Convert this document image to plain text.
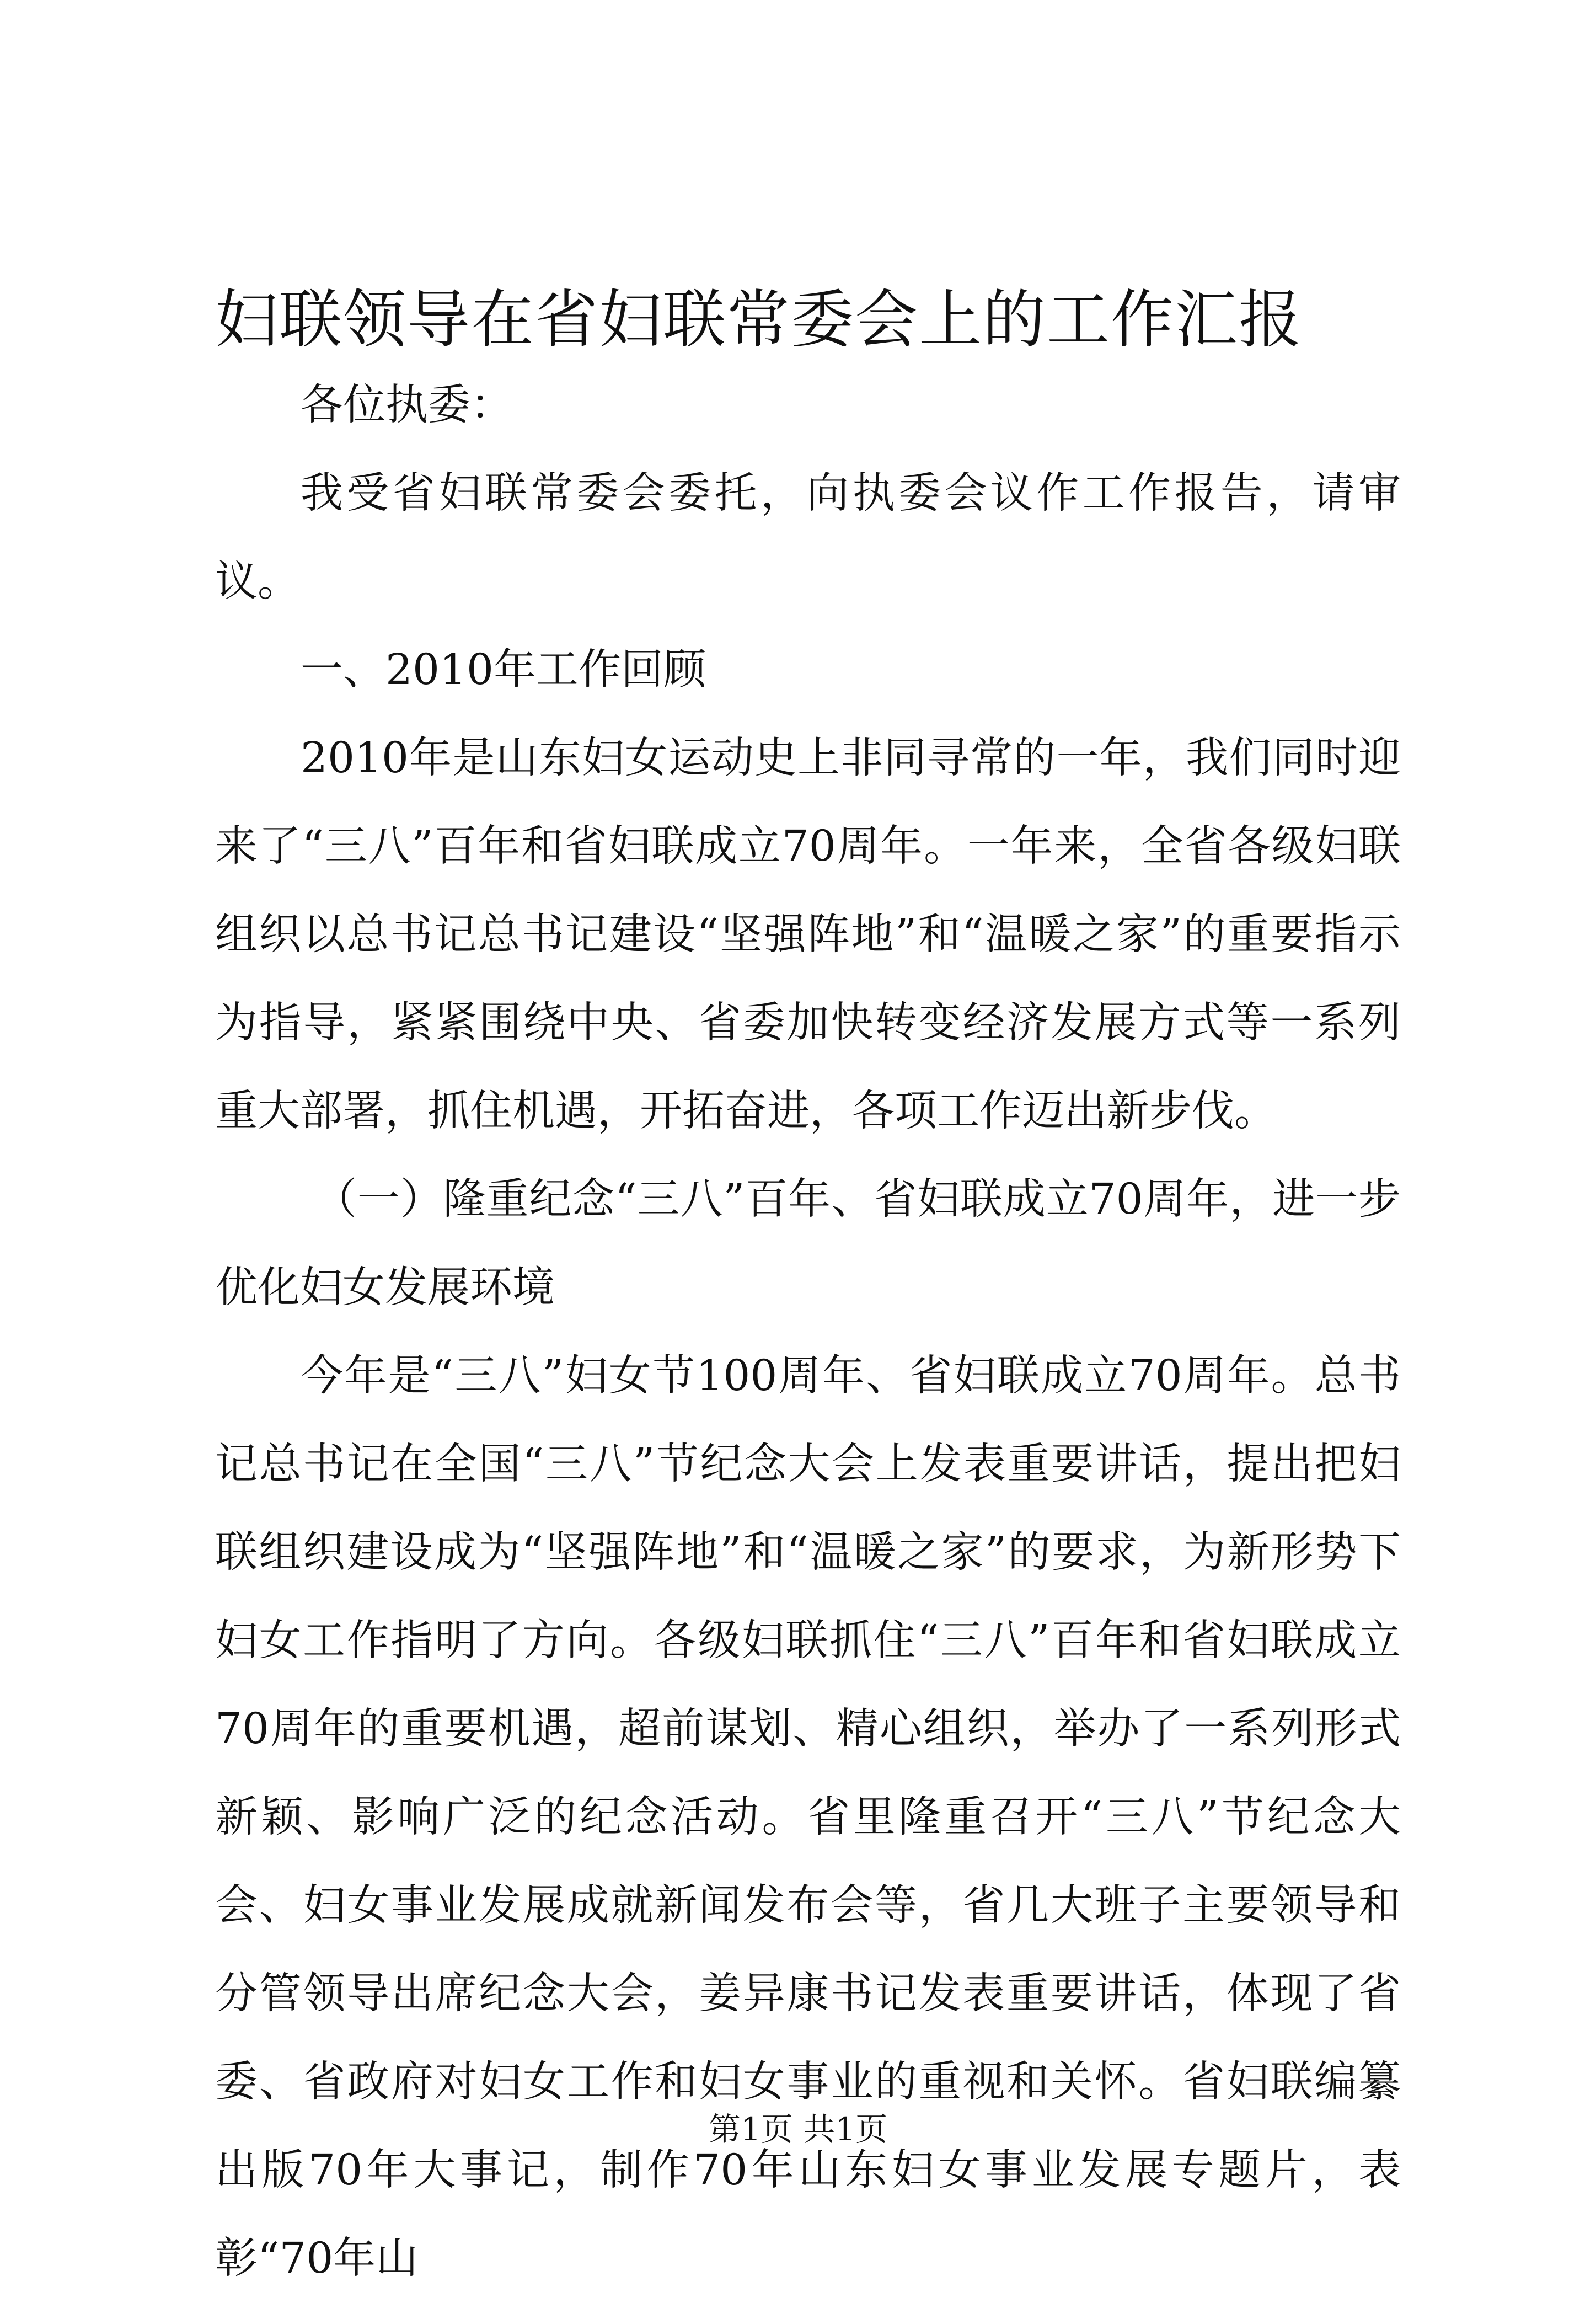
妇联领导在省妇联常委会上的工作汇报

各位执委：

我受省妇联常委会委托，向执委会议作工作报告，请审议。

一、2010年工作回顾

2010年是山东妇女运动史上非同寻常的一年，我们同时迎来了“三八”百年和省妇联成立70周年。一年来，全省各级妇联组织以总书记总书记建设“坚强阵地”和“温暖之家”的重要指示为指导，紧紧围绕中央、省委加快转变经济发展方式等一系列重大部署，抓住机遇，开拓奋进，各项工作迈出新步伐。

（一）隆重纪念“三八”百年、省妇联成立70周年，进一步优化妇女发展环境

今年是“三八”妇女节100周年、省妇联成立70周年。总书记总书记在全国“三八”节纪念大会上发表重要讲话，提出把妇联组织建设成为“坚强阵地”和“温暖之家”的要求，为新形势下妇女工作指明了方向。各级妇联抓住“三八”百年和省妇联成立70周年的重要机遇，超前谋划、精心组织，举办了一系列形式新颖、影响广泛的纪念活动。省里隆重召开“三八”节纪念大会、妇女事业发展成就新闻发布会等，省几大班子主要领导和分管领导出席纪念大会，姜异康书记发表重要讲话，体现了省委、省政府对妇女工作和妇女事业的重视和关怀。省妇联编纂出版70年大事记，制作70年山东妇女事业发展专题片，表彰“70年山

第1页 共1页
